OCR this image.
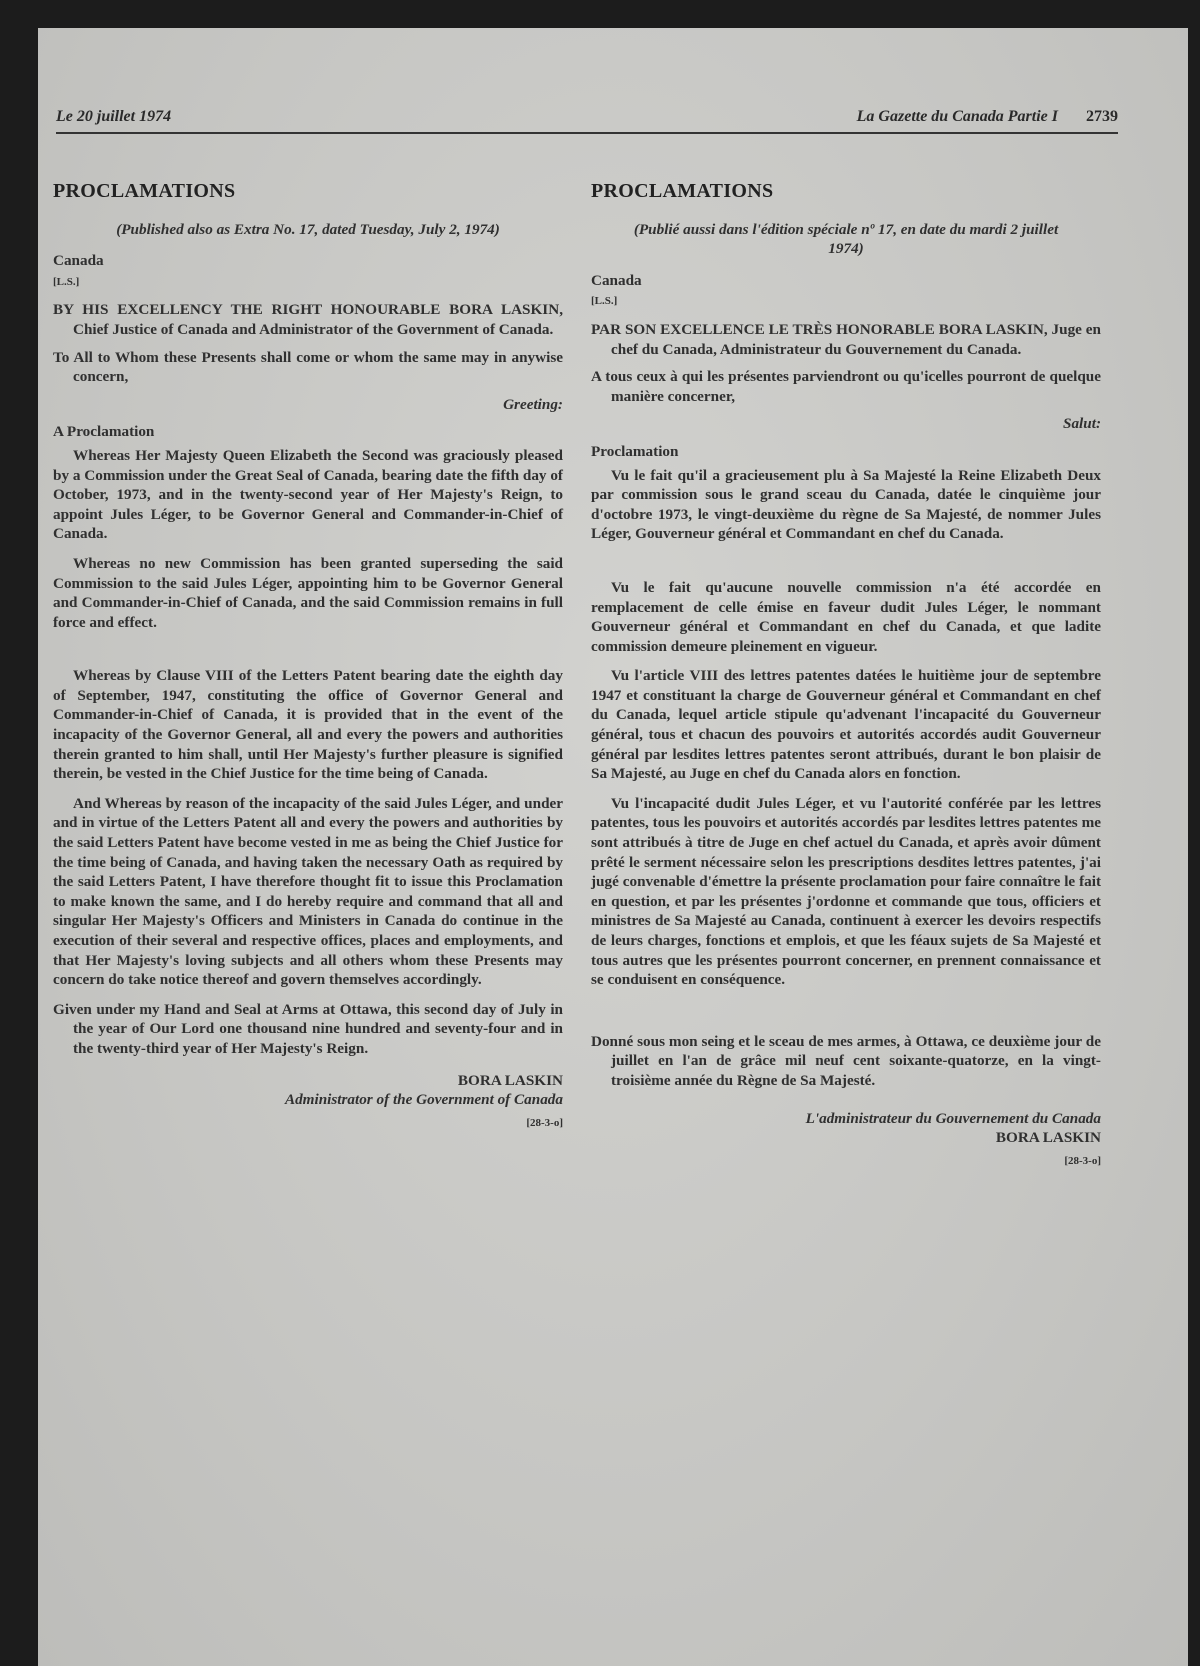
Le 20 juillet 1974	La Gazette du Canada Partie I 2739
PROCLAMATIONS
(Published also as Extra No. 17, dated Tuesday, July 2, 1974)
Canada
[L.S.]
BY HIS EXCELLENCY THE RIGHT HONOURABLE BORA LASKIN, Chief Justice of Canada and Administrator of the Government of Canada.
To All to Whom these Presents shall come or whom the same may in anywise concern,
Greeting:
A Proclamation
Whereas Her Majesty Queen Elizabeth the Second was graciously pleased by a Commission under the Great Seal of Canada, bearing date the fifth day of October, 1973, and in the twenty-second year of Her Majesty's Reign, to appoint Jules Léger, to be Governor General and Commander-in-Chief of Canada.
Whereas no new Commission has been granted superseding the said Commission to the said Jules Léger, appointing him to be Governor General and Commander-in-Chief of Canada, and the said Commission remains in full force and effect.
Whereas by Clause VIII of the Letters Patent bearing date the eighth day of September, 1947, constituting the office of Governor General and Commander-in-Chief of Canada, it is provided that in the event of the incapacity of the Governor General, all and every the powers and authorities therein granted to him shall, until Her Majesty's further pleasure is signified therein, be vested in the Chief Justice for the time being of Canada.
And Whereas by reason of the incapacity of the said Jules Léger, and under and in virtue of the Letters Patent all and every the powers and authorities by the said Letters Patent have become vested in me as being the Chief Justice for the time being of Canada, and having taken the necessary Oath as required by the said Letters Patent, I have therefore thought fit to issue this Proclamation to make known the same, and I do hereby require and command that all and singular Her Majesty's Officers and Ministers in Canada do continue in the execution of their several and respective offices, places and employments, and that Her Majesty's loving subjects and all others whom these Presents may concern do take notice thereof and govern themselves accordingly.
Given under my Hand and Seal at Arms at Ottawa, this second day of July in the year of Our Lord one thousand nine hundred and seventy-four and in the twenty-third year of Her Majesty's Reign.
BORA LASKIN
Administrator of the Government of Canada
[28-3-o]
PROCLAMATIONS
(Publié aussi dans l'édition spéciale nº 17, en date du mardi 2 juillet 1974)
Canada
[L.S.]
PAR SON EXCELLENCE LE TRÈS HONORABLE BORA LASKIN, Juge en chef du Canada, Administrateur du Gouvernement du Canada.
A tous ceux à qui les présentes parviendront ou qu'icelles pourront de quelque manière concerner,
Salut:
Proclamation
Vu le fait qu'il a gracieusement plu à Sa Majesté la Reine Elizabeth Deux par commission sous le grand sceau du Canada, datée le cinquième jour d'octobre 1973, le vingt-deuxième du règne de Sa Majesté, de nommer Jules Léger, Gouverneur général et Commandant en chef du Canada.
Vu le fait qu'aucune nouvelle commission n'a été accordée en remplacement de celle émise en faveur dudit Jules Léger, le nommant Gouverneur général et Commandant en chef du Canada, et que ladite commission demeure pleinement en vigueur.
Vu l'article VIII des lettres patentes datées le huitième jour de septembre 1947 et constituant la charge de Gouverneur général et Commandant en chef du Canada, lequel article stipule qu'advenant l'incapacité du Gouverneur général, tous et chacun des pouvoirs et autorités accordés audit Gouverneur général par lesdites lettres patentes seront attribués, durant le bon plaisir de Sa Majesté, au Juge en chef du Canada alors en fonction.
Vu l'incapacité dudit Jules Léger, et vu l'autorité conférée par les lettres patentes, tous les pouvoirs et autorités accordés par lesdites lettres patentes me sont attribués à titre de Juge en chef actuel du Canada, et après avoir dûment prêté le serment nécessaire selon les prescriptions desdites lettres patentes, j'ai jugé convenable d'émettre la présente proclamation pour faire connaître le fait en question, et par les présentes j'ordonne et commande que tous, officiers et ministres de Sa Majesté au Canada, continuent à exercer les devoirs respectifs de leurs charges, fonctions et emplois, et que les féaux sujets de Sa Majesté et tous autres que les présentes pourront concerner, en prennent connaissance et se conduisent en conséquence.
Donné sous mon seing et le sceau de mes armes, à Ottawa, ce deuxième jour de juillet en l'an de grâce mil neuf cent soixante-quatorze, en la vingt-troisième année du Règne de Sa Majesté.
L'administrateur du Gouvernement du Canada
BORA LASKIN
[28-3-o]
